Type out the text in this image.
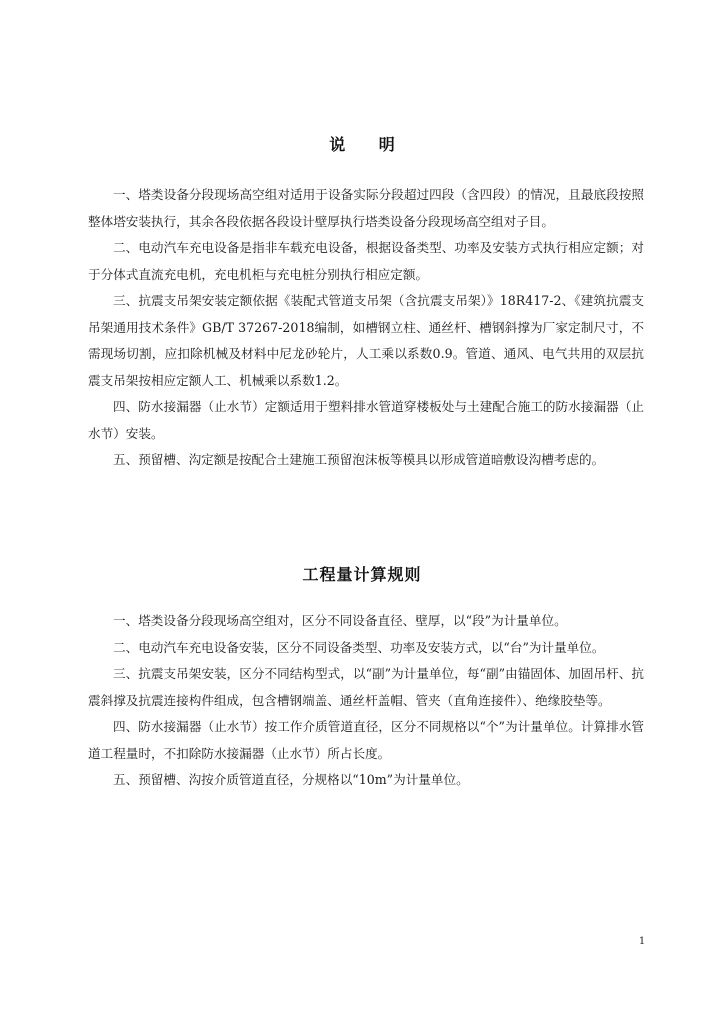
说 明

一、塔类设备分段现场高空组对适用于设备实际分段超过四段（含四段）的情况，且最底段按照整体塔安装执行，其余各段依据各段设计壁厚执行塔类设备分段现场高空组对子目。

二、电动汽车充电设备是指非车载充电设备，根据设备类型、功率及安装方式执行相应定额；对于分体式直流充电机，充电机柜与充电桩分别执行相应定额。

三、抗震支吊架安装定额依据《装配式管道支吊架（含抗震支吊架）》18R417-2、《建筑抗震支吊架通用技术条件》GB/T 37267-2018编制，如槽钢立柱、通丝杆、槽钢斜撑为厂家定制尺寸，不需现场切割，应扣除机械及材料中尼龙砂轮片，人工乘以系数0.9。管道、通风、电气共用的双层抗震支吊架按相应定额人工、机械乘以系数1.2。

四、防水接漏器（止水节）定额适用于塑料排水管道穿楼板处与土建配合施工的防水接漏器（止水节）安装。

五、预留槽、沟定额是按配合土建施工预留泡沫板等模具以形成管道暗敷设沟槽考虑的。

工程量计算规则

一、塔类设备分段现场高空组对，区分不同设备直径、壁厚，以“段”为计量单位。

二、电动汽车充电设备安装，区分不同设备类型、功率及安装方式，以“台”为计量单位。

三、抗震支吊架安装，区分不同结构型式，以“副”为计量单位，每“副”由锚固体、加固吊杆、抗震斜撑及抗震连接构件组成，包含槽钢端盖、通丝杆盖帽、管夹（直角连接件）、绝缘胶垫等。

四、防水接漏器（止水节）按工作介质管道直径，区分不同规格以“个”为计量单位。计算排水管道工程量时，不扣除防水接漏器（止水节）所占长度。

五、预留槽、沟按介质管道直径，分规格以“10m”为计量单位。

1
